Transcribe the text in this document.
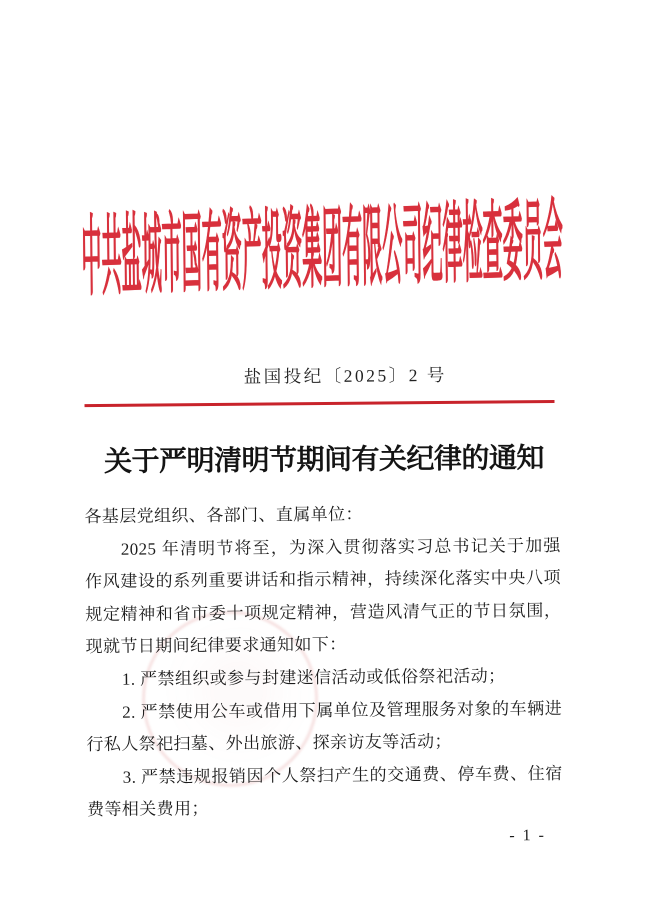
中共盐城市国有资产投资集团有限公司纪律检查委员会
盐国投纪〔2025〕2 号
关于严明清明节期间有关纪律的通知

各基层党组织、各部门、直属单位：

2025 年清明节将至，为深入贯彻落实习总书记关于加强作风建设的系列重要讲话和指示精神，持续深化落实中央八项规定精神和省市委十项规定精神，营造风清气正的节日氛围，现就节日期间纪律要求通知如下：

1. 严禁组织或参与封建迷信活动或低俗祭祀活动；

2. 严禁使用公车或借用下属单位及管理服务对象的车辆进行私人祭祀扫墓、外出旅游、探亲访友等活动；

3. 严禁违规报销因个人祭扫产生的交通费、停车费、住宿费等相关费用；

- 1 -
